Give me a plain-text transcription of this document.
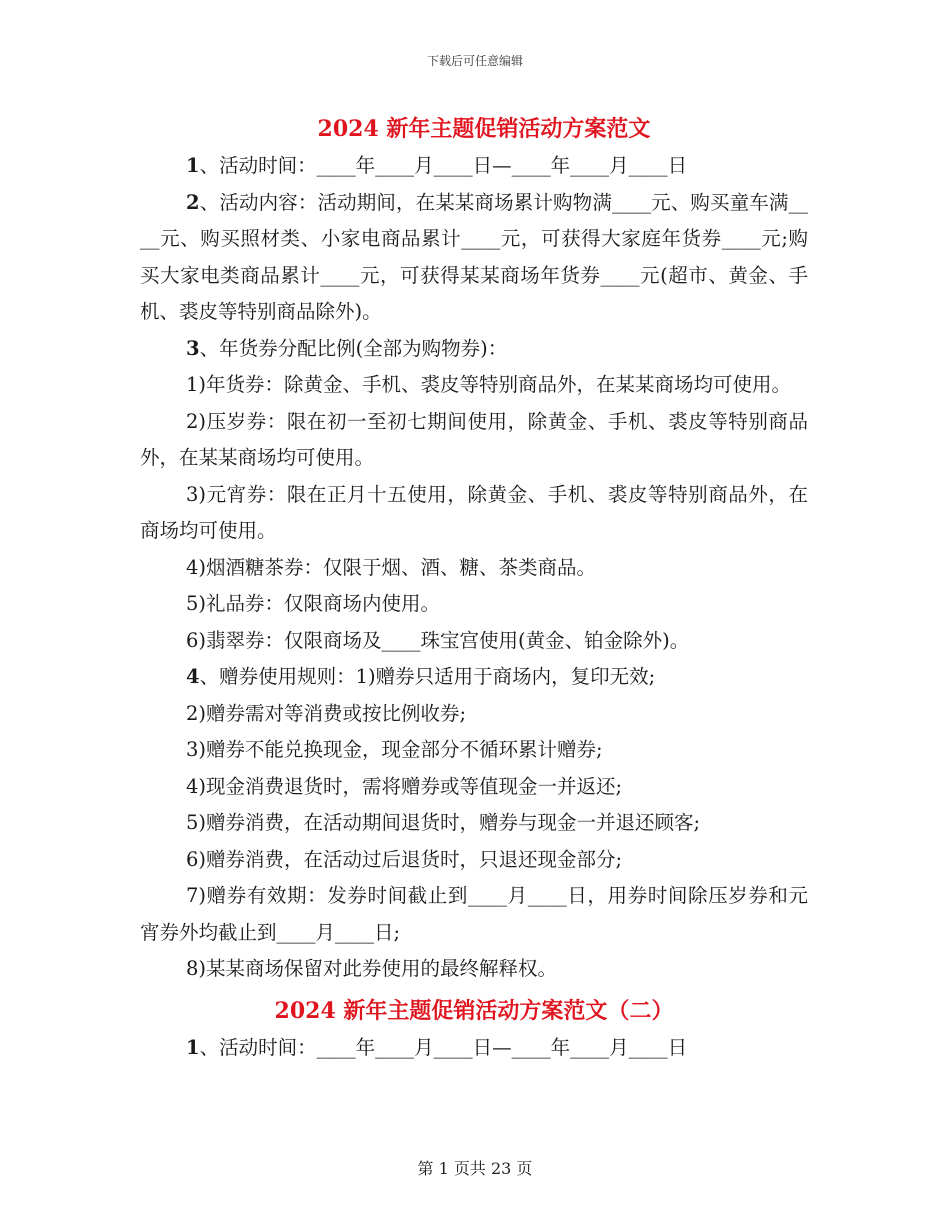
下载后可任意编辑
2024 新年主题促销活动方案范文

1、活动时间：____年____月____日—____年____月____日

2、活动内容：活动期间，在某某商场累计购物满____元、购买童车满____元、购买照材类、小家电商品累计____元，可获得大家庭年货券____元;购买大家电类商品累计____元，可获得某某商场年货券____元(超市、黄金、手机、裘皮等特别商品除外)。

3、年货券分配比例(全部为购物券)：

1)年货券：除黄金、手机、裘皮等特别商品外，在某某商场均可使用。

2)压岁券：限在初一至初七期间使用，除黄金、手机、裘皮等特别商品外，在某某商场均可使用。

3)元宵券：限在正月十五使用，除黄金、手机、裘皮等特别商品外，在商场均可使用。

4)烟酒糖茶券：仅限于烟、酒、糖、茶类商品。

5)礼品券：仅限商场内使用。

6)翡翠券：仅限商场及____珠宝宫使用(黄金、铂金除外)。

4、赠券使用规则：1)赠券只适用于商场内，复印无效;

2)赠券需对等消费或按比例收券;

3)赠券不能兑换现金，现金部分不循环累计赠券;

4)现金消费退货时，需将赠券或等值现金一并返还;

5)赠券消费，在活动期间退货时，赠券与现金一并退还顾客;

6)赠券消费，在活动过后退货时，只退还现金部分;

7)赠券有效期：发券时间截止到____月____日，用券时间除压岁券和元宵券外均截止到____月____日;

8)某某商场保留对此券使用的最终解释权。

2024 新年主题促销活动方案范文（二）

1、活动时间：____年____月____日—____年____月____日

第 1 页共 23 页
